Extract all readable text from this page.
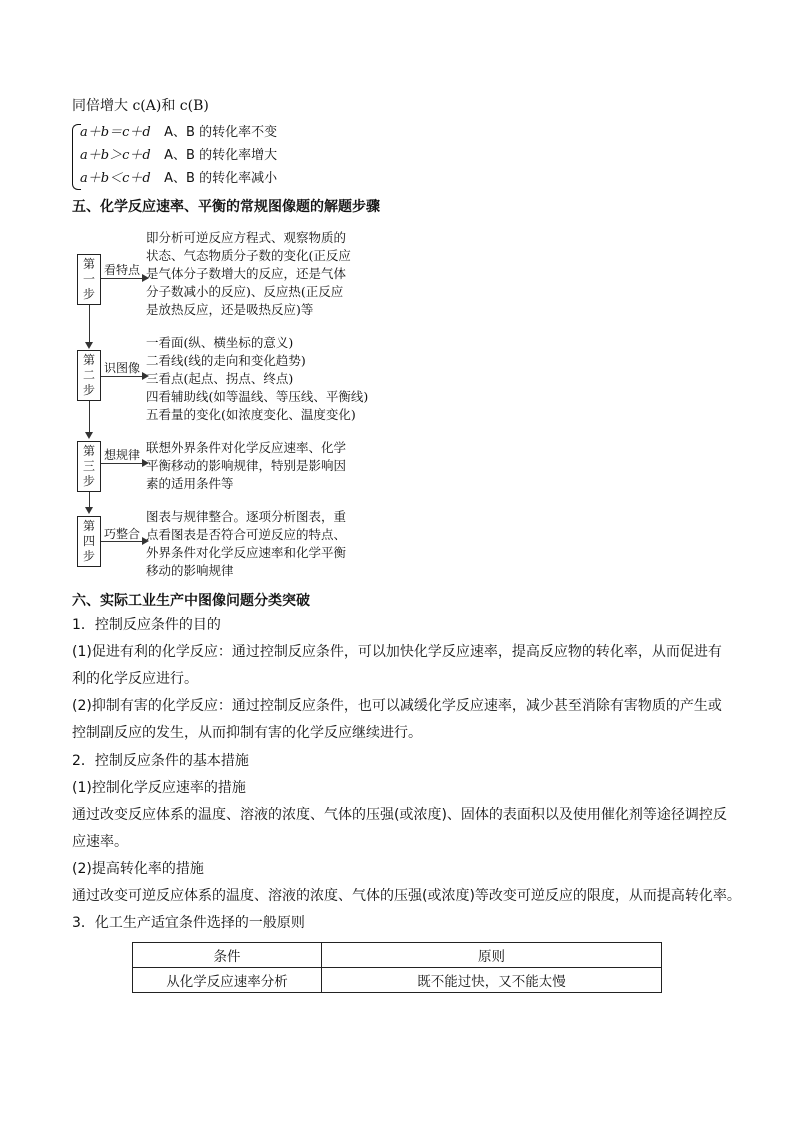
同倍增大 c(A)和 c(B)
a＋b＝c＋d A、B 的转化率不变
a＋b＞c＋d A、B 的转化率增大
a＋b＜c＋d A、B 的转化率减小
五、化学反应速率、平衡的常规图像题的解题步骤
第
一
步
看特点
即分析可逆反应方程式、观察物质的
状态、气态物质分子数的变化(正反应
是气体分子数增大的反应，还是气体
分子数减小的反应)、反应热(正反应
是放热反应，还是吸热反应)等
第
二
步
识图像
一看面(纵、横坐标的意义)
二看线(线的走向和变化趋势)
三看点(起点、拐点、终点)
四看辅助线(如等温线、等压线、平衡线)
五看量的变化(如浓度变化、温度变化)
第
三
步
想规律 联想外界条件对化学反应速率、化学
平衡移动的影响规律，特别是影响因
素的适用条件等
第
四
步
巧整合
图表与规律整合。逐项分析图表，重
点看图表是否符合可逆反应的特点、
外界条件对化学反应速率和化学平衡
移动的影响规律
六、实际工业生产中图像问题分类突破
1．控制反应条件的目的
(1)促进有利的化学反应：通过控制反应条件，可以加快化学反应速率，提高反应物的转化率，从而促进有
利的化学反应进行。
(2)抑制有害的化学反应：通过控制反应条件，也可以减缓化学反应速率，减少甚至消除有害物质的产生或
控制副反应的发生，从而抑制有害的化学反应继续进行。
2．控制反应条件的基本措施
(1)控制化学反应速率的措施
通过改变反应体系的温度、溶液的浓度、气体的压强(或浓度)、固体的表面积以及使用催化剂等途径调控反
应速率。
(2)提高转化率的措施
通过改变可逆反应体系的温度、溶液的浓度、气体的压强(或浓度)等改变可逆反应的限度，从而提高转化率。
3．化工生产适宜条件选择的一般原则
条件	原则
从化学反应速率分析	既不能过快，又不能太慢
